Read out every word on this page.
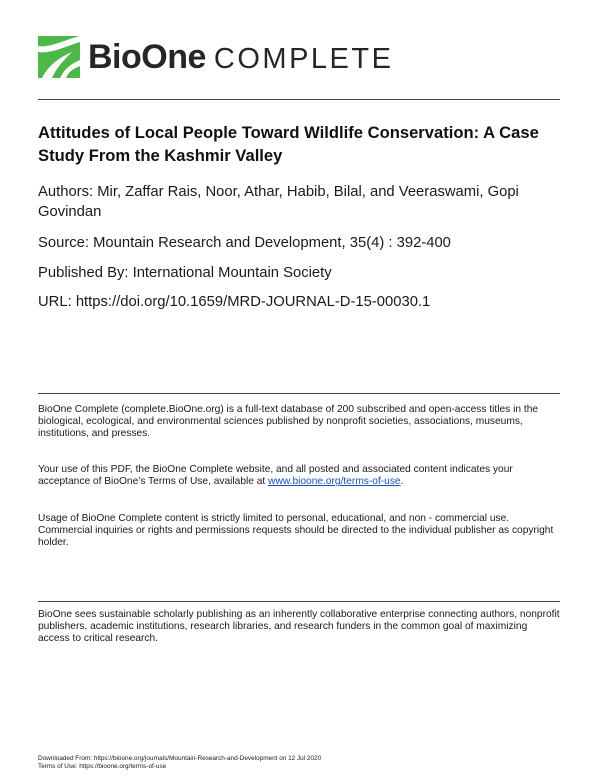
BioOne COMPLETE
Attitudes of Local People Toward Wildlife Conservation: A Case Study From the Kashmir Valley

Authors: Mir, Zaffar Rais, Noor, Athar, Habib, Bilal, and Veeraswami, Gopi Govindan

Source: Mountain Research and Development, 35(4) : 392-400

Published By: International Mountain Society

URL: https://doi.org/10.1659/MRD-JOURNAL-D-15-00030.1

BioOne Complete (complete.BioOne.org) is a full-text database of 200 subscribed and open-access titles in the biological, ecological, and environmental sciences published by nonprofit societies, associations, museums, institutions, and presses.

Your use of this PDF, the BioOne Complete website, and all posted and associated content indicates your acceptance of BioOne’s Terms of Use, available at www.bioone.org/terms-of-use.

Usage of BioOne Complete content is strictly limited to personal, educational, and non - commercial use. Commercial inquiries or rights and permissions requests should be directed to the individual publisher as copyright holder.

BioOne sees sustainable scholarly publishing as an inherently collaborative enterprise connecting authors, nonprofit publishers, academic institutions, research libraries, and research funders in the common goal of maximizing access to critical research.

Downloaded From: https://bioone.org/journals/Mountain-Research-and-Development on 12 Jul 2020
Terms of Use: https://bioone.org/terms-of-use
